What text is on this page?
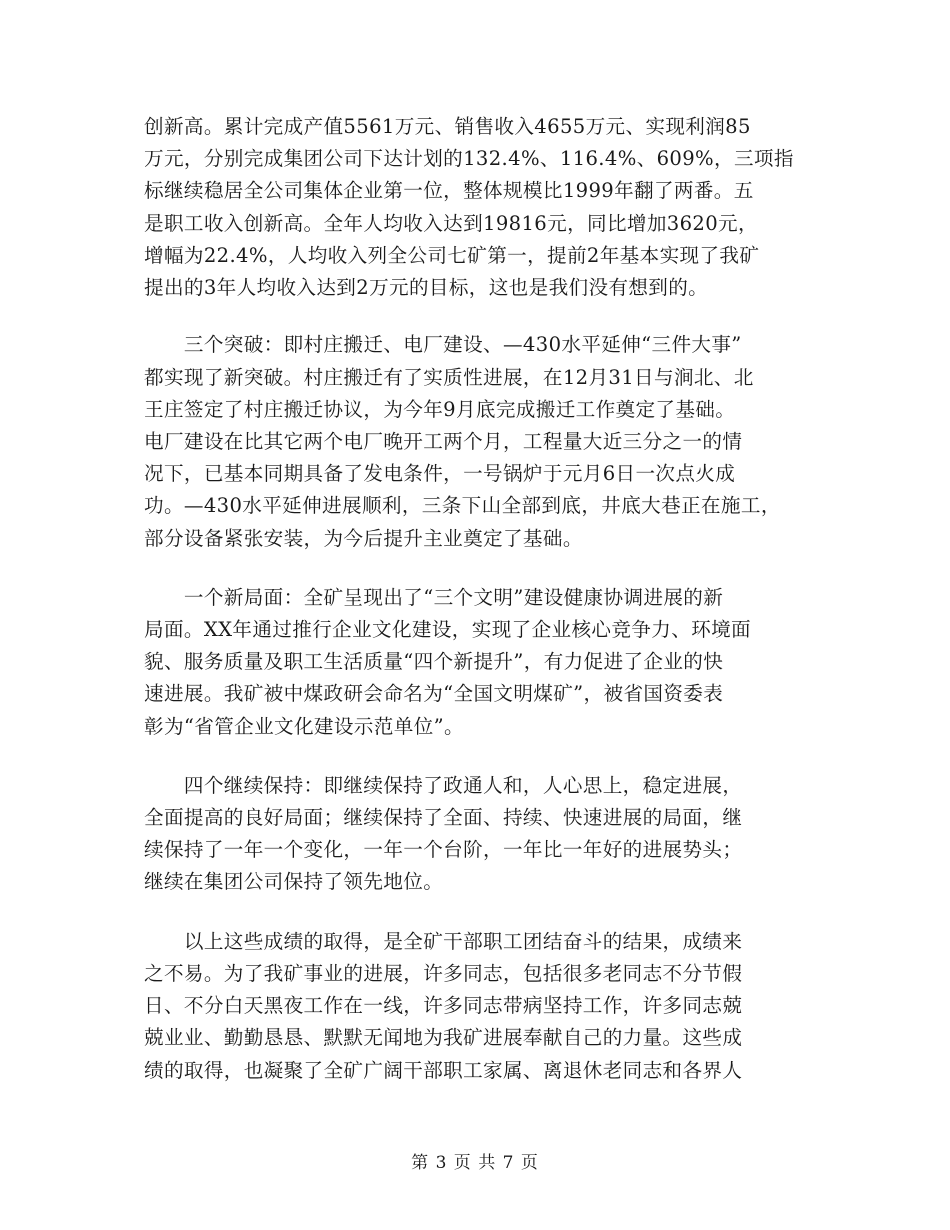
创新高。累计完成产值5561万元、销售收入4655万元、实现利润85
万元，分别完成集团公司下达计划的132.4%、116.4%、609%，三项指
标继续稳居全公司集体企业第一位，整体规模比1999年翻了两番。五
是职工收入创新高。全年人均收入达到19816元，同比增加3620元，
增幅为22.4%，人均收入列全公司七矿第一，提前2年基本实现了我矿
提出的3年人均收入达到2万元的目标，这也是我们没有想到的。
　　三个突破：即村庄搬迁、电厂建设、—430水平延伸“三件大事”
都实现了新突破。村庄搬迁有了实质性进展，在12月31日与涧北、北
王庄签定了村庄搬迁协议，为今年9月底完成搬迁工作奠定了基础。
电厂建设在比其它两个电厂晚开工两个月，工程量大近三分之一的情
况下，已基本同期具备了发电条件，一号锅炉于元月6日一次点火成
功。—430水平延伸进展顺利，三条下山全部到底，井底大巷正在施工，
部分设备紧张安装，为今后提升主业奠定了基础。
　　一个新局面：全矿呈现出了“三个文明”建设健康协调进展的新
局面。XX年通过推行企业文化建设，实现了企业核心竞争力、环境面
貌、服务质量及职工生活质量“四个新提升”，有力促进了企业的快
速进展。我矿被中煤政研会命名为“全国文明煤矿”，被省国资委表
彰为“省管企业文化建设示范单位”。
　　四个继续保持：即继续保持了政通人和，人心思上，稳定进展，
全面提高的良好局面；继续保持了全面、持续、快速进展的局面，继
续保持了一年一个变化，一年一个台阶，一年比一年好的进展势头；
继续在集团公司保持了领先地位。
　　以上这些成绩的取得，是全矿干部职工团结奋斗的结果，成绩来
之不易。为了我矿事业的进展，许多同志，包括很多老同志不分节假
日、不分白天黑夜工作在一线，许多同志带病坚持工作，许多同志兢
兢业业、勤勤恳恳、默默无闻地为我矿进展奉献自己的力量。这些成
绩的取得，也凝聚了全矿广阔干部职工家属、离退休老同志和各界人
第 3 页 共 7 页
